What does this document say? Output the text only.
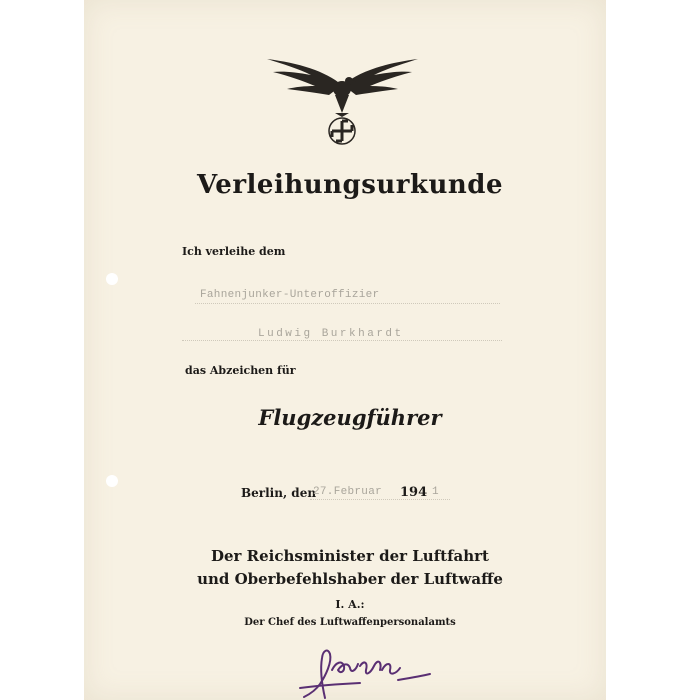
Verleihungsurkunde
Ich verleihe dem
Fahnenjunker-Unteroffizier
Ludwig Burkhardt
das Abzeichen für
Flugzeugführer
Berlin, den
27.Februar 194 1
Der Reichsminister der Luftfahrt
und Oberbefehlshaber der Luftwaffe
I. A.:
Der Chef des Luftwaffenpersonalamts
